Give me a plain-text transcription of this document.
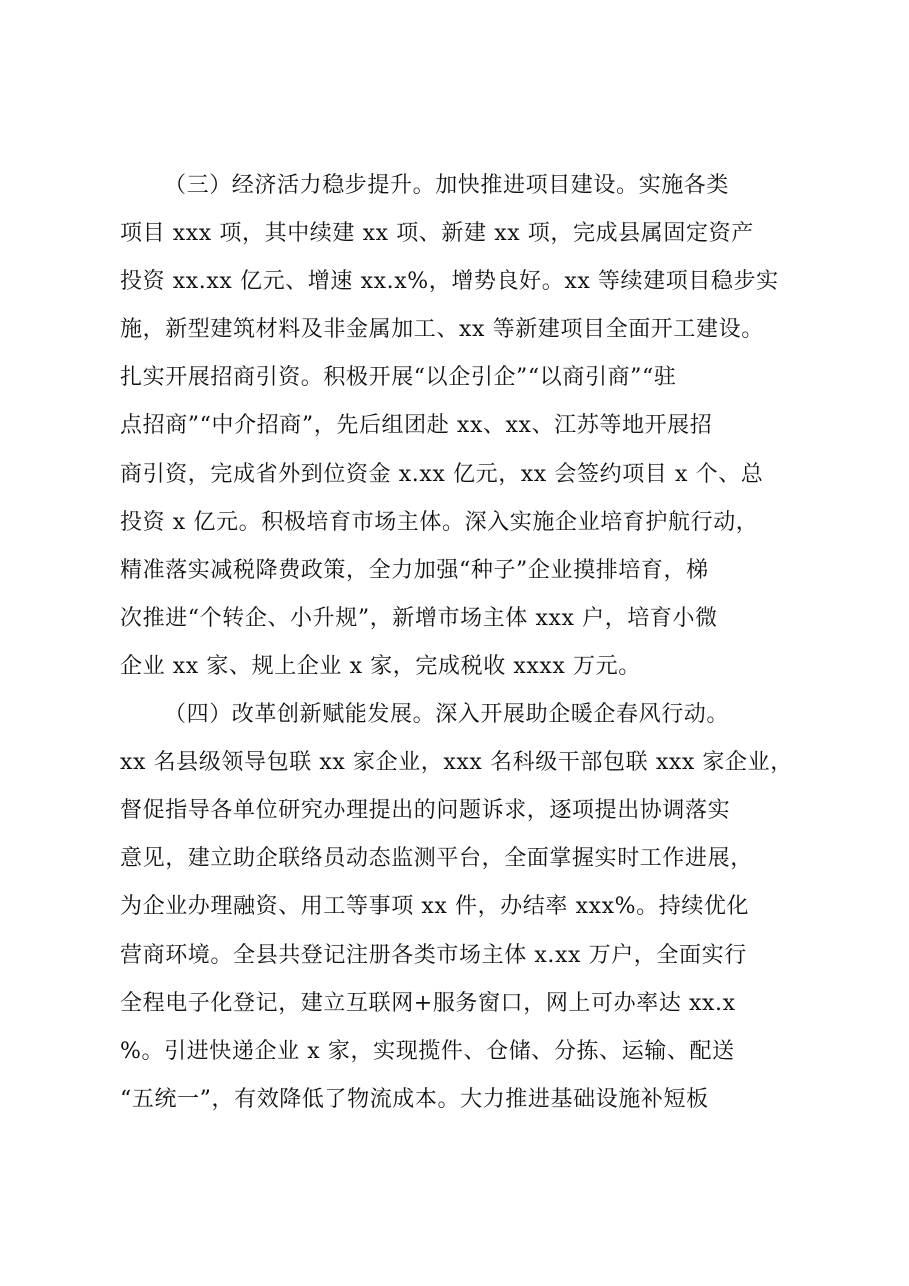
（三）经济活力稳步提升。加快推进项目建设。实施各类
项目 xxx 项，其中续建 xx 项、新建 xx 项，完成县属固定资产
投资 xx.xx 亿元、增速 xx.x%，增势良好。xx 等续建项目稳步实
施，新型建筑材料及非金属加工、xx 等新建项目全面开工建设。
扎实开展招商引资。积极开展“以企引企”“以商引商”“驻
点招商”“中介招商”，先后组团赴 xx、xx、江苏等地开展招
商引资，完成省外到位资金 x.xx 亿元，xx 会签约项目 x 个、总
投资 x 亿元。积极培育市场主体。深入实施企业培育护航行动，
精准落实减税降费政策，全力加强“种子”企业摸排培育，梯
次推进“个转企、小升规”，新增市场主体 xxx 户，培育小微
企业 xx 家、规上企业 x 家，完成税收 xxxx 万元。
（四）改革创新赋能发展。深入开展助企暖企春风行动。
xx 名县级领导包联 xx 家企业，xxx 名科级干部包联 xxx 家企业，
督促指导各单位研究办理提出的问题诉求，逐项提出协调落实
意见，建立助企联络员动态监测平台，全面掌握实时工作进展，
为企业办理融资、用工等事项 xx 件，办结率 xxx%。持续优化
营商环境。全县共登记注册各类市场主体 x.xx 万户，全面实行
全程电子化登记，建立互联网+服务窗口，网上可办率达 xx.x
%。引进快递企业 x 家，实现揽件、仓储、分拣、运输、配送
“五统一”，有效降低了物流成本。大力推进基础设施补短板
